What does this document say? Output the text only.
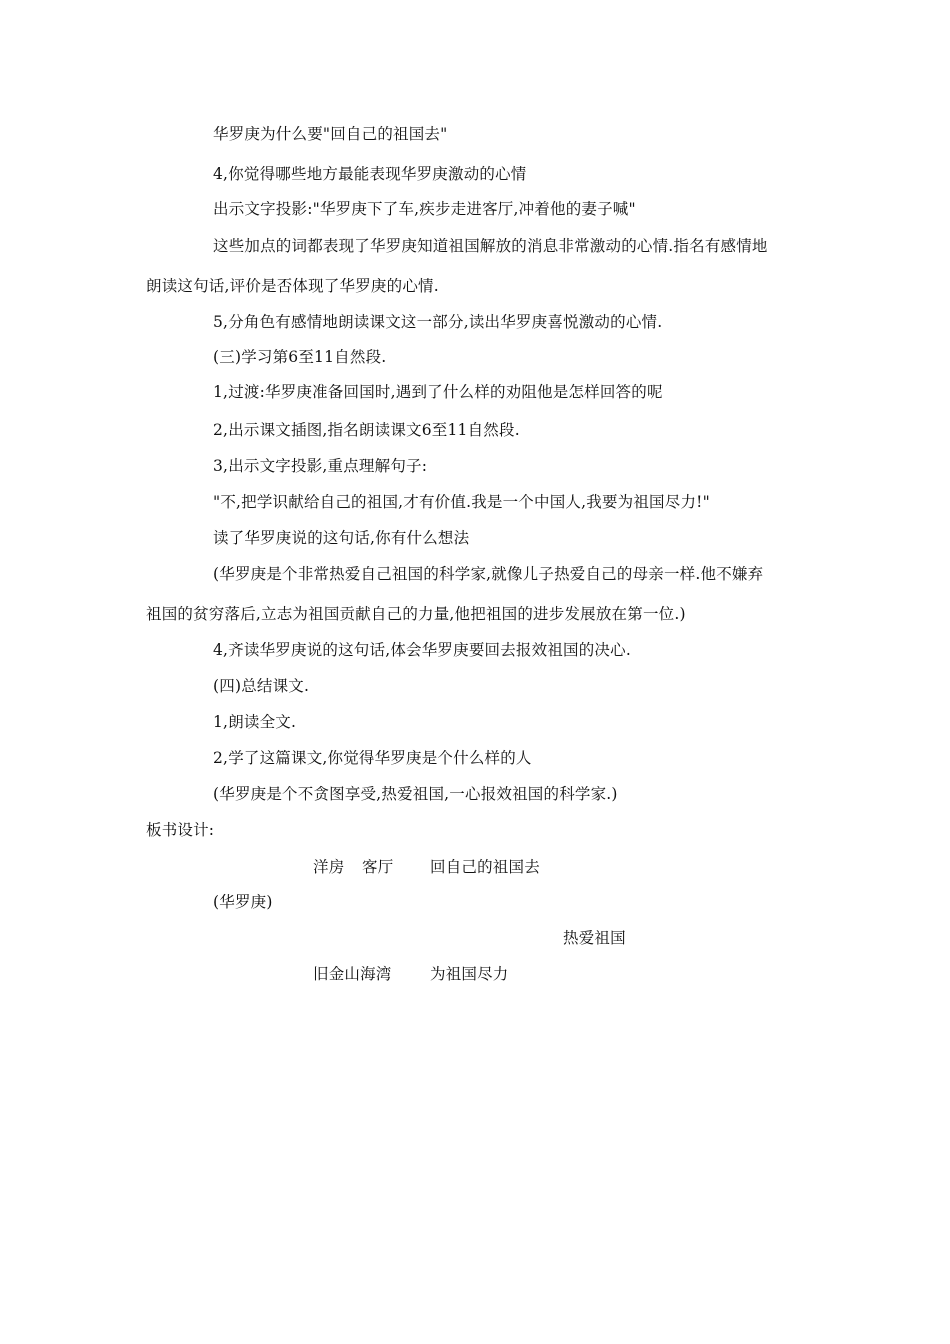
华罗庚为什么要"回自己的祖国去"
4,你觉得哪些地方最能表现华罗庚激动的心情
出示文字投影:"华罗庚下了车,疾步走进客厅,冲着他的妻子喊"
这些加点的词都表现了华罗庚知道祖国解放的消息非常激动的心情.指名有感情地
朗读这句话,评价是否体现了华罗庚的心情.
5,分角色有感情地朗读课文这一部分,读出华罗庚喜悦激动的心情.
(三)学习第6至11自然段.
1,过渡:华罗庚准备回国时,遇到了什么样的劝阻他是怎样回答的呢
2,出示课文插图,指名朗读课文6至11自然段.
3,出示文字投影,重点理解句子:
"不,把学识献给自己的祖国,才有价值.我是一个中国人,我要为祖国尽力!"
读了华罗庚说的这句话,你有什么想法
(华罗庚是个非常热爱自己祖国的科学家,就像儿子热爱自己的母亲一样.他不嫌弃
祖国的贫穷落后,立志为祖国贡献自己的力量,他把祖国的进步发展放在第一位.)
4,齐读华罗庚说的这句话,体会华罗庚要回去报效祖国的决心.
(四)总结课文.
1,朗读全文.
2,学了这篇课文,你觉得华罗庚是个什么样的人
(华罗庚是个不贪图享受,热爱祖国,一心报效祖国的科学家.)
板书设计:
洋房 客厅 回自己的祖国去
(华罗庚)
热爱祖国
旧金山海湾 为祖国尽力
